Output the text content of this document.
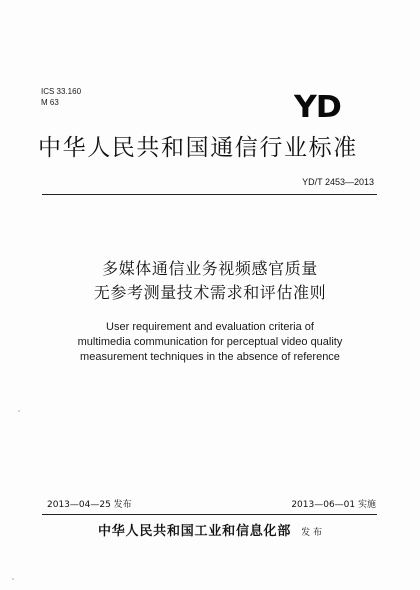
ICS 33.160
M 63	YD
中华人民共和国通信行业标准
YD/T 2453—2013
多媒体通信业务视频感官质量
无参考测量技术需求和评估准则
User requirement and evaluation criteria of
multimedia communication for perceptual video quality
measurement techniques in the absence of reference
2013—04—25 发布	2013—06—01 实施
中华人民共和国工业和信息化部 发 布
